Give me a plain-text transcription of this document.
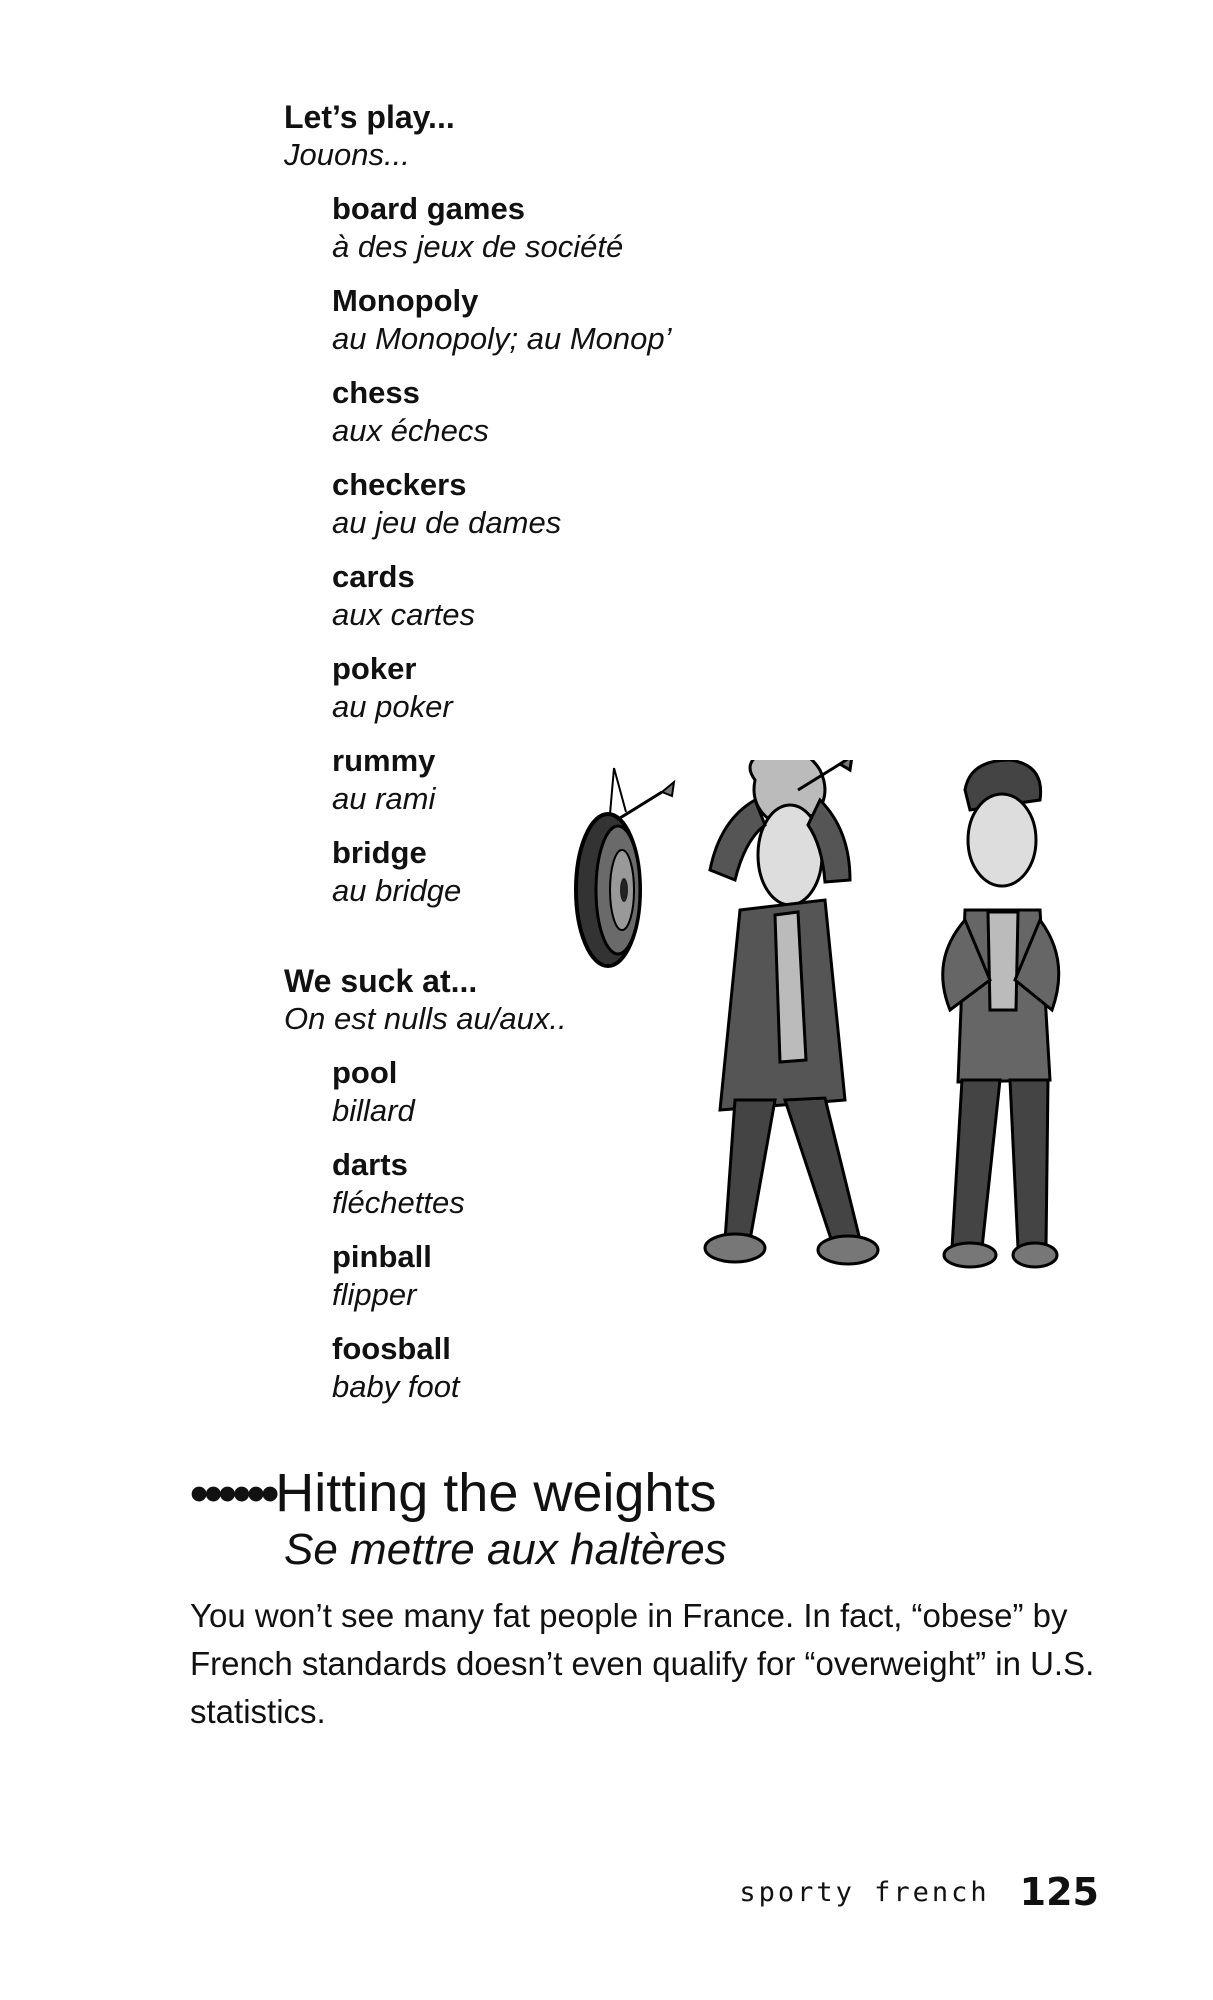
Let’s play...

Jouons...

board games
à des jeux de société
Monopoly
au Monopoly; au Monop’
chess
aux échecs
checkers
au jeu de dames
cards
aux cartes
poker
au poker
rummy
au rami
bridge
au bridge

We suck at...

On est nulls au/aux..

pool
billard
darts
fléchettes
pinball
flipper
foosball
baby foot
••••••Hitting the weights
Se mettre aux haltères

You won’t see many fat people in France. In fact, “obese” by French standards doesn’t even qualify for “overweight” in U.S. statistics.

sporty french 125
